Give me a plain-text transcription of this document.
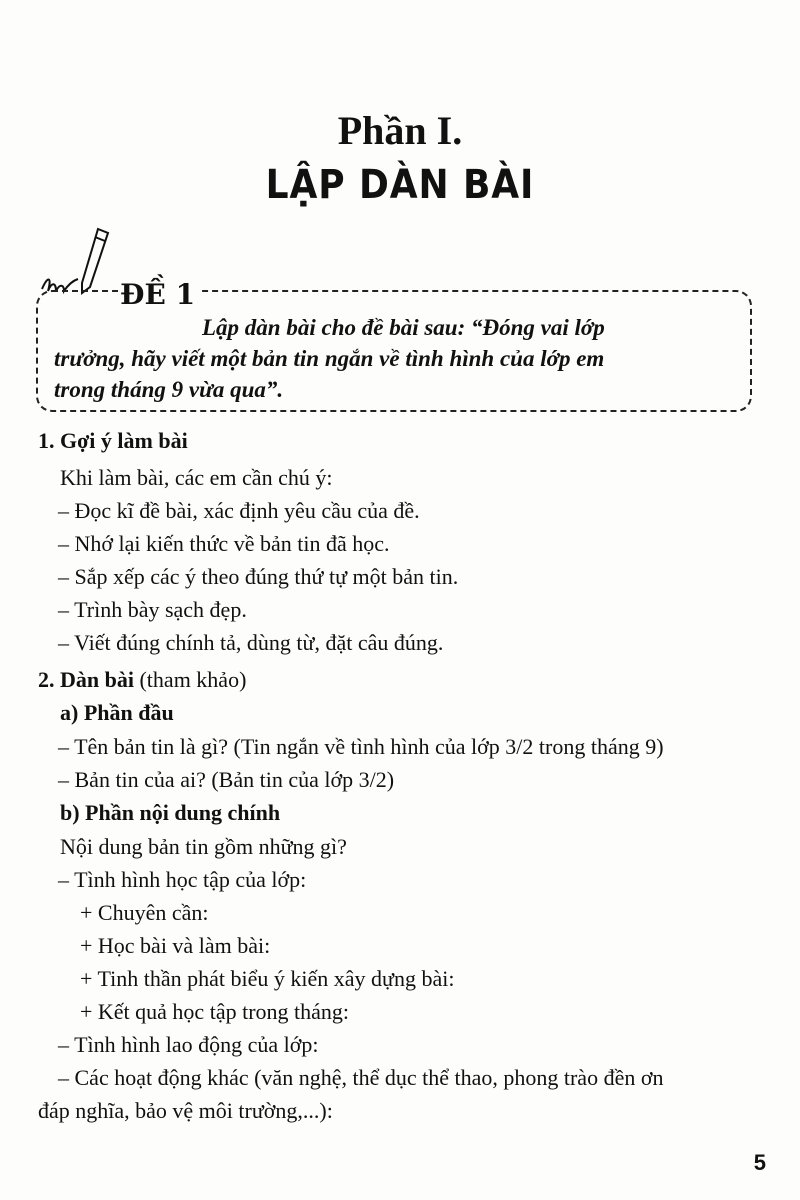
Phần I.
LẬP DÀN BÀI
ĐỀ 1
Lập dàn bài cho đề bài sau: “Đóng vai lớp
trưởng, hãy viết một bản tin ngắn về tình hình của lớp em
trong tháng 9 vừa qua”.
1. Gợi ý làm bài
Khi làm bài, các em cần chú ý:
– Đọc kĩ đề bài, xác định yêu cầu của đề.
– Nhớ lại kiến thức về bản tin đã học.
– Sắp xếp các ý theo đúng thứ tự một bản tin.
– Trình bày sạch đẹp.
– Viết đúng chính tả, dùng từ, đặt câu đúng.
2. Dàn bài (tham khảo)
a) Phần đầu
– Tên bản tin là gì? (Tin ngắn về tình hình của lớp 3/2 trong tháng 9)
– Bản tin của ai? (Bản tin của lớp 3/2)
b) Phần nội dung chính
Nội dung bản tin gồm những gì?
– Tình hình học tập của lớp:
+ Chuyên cần:
+ Học bài và làm bài:
+ Tinh thần phát biểu ý kiến xây dựng bài:
+ Kết quả học tập trong tháng:
– Tình hình lao động của lớp:
– Các hoạt động khác (văn nghệ, thể dục thể thao, phong trào đền ơn
đáp nghĩa, bảo vệ môi trường,...):
5
